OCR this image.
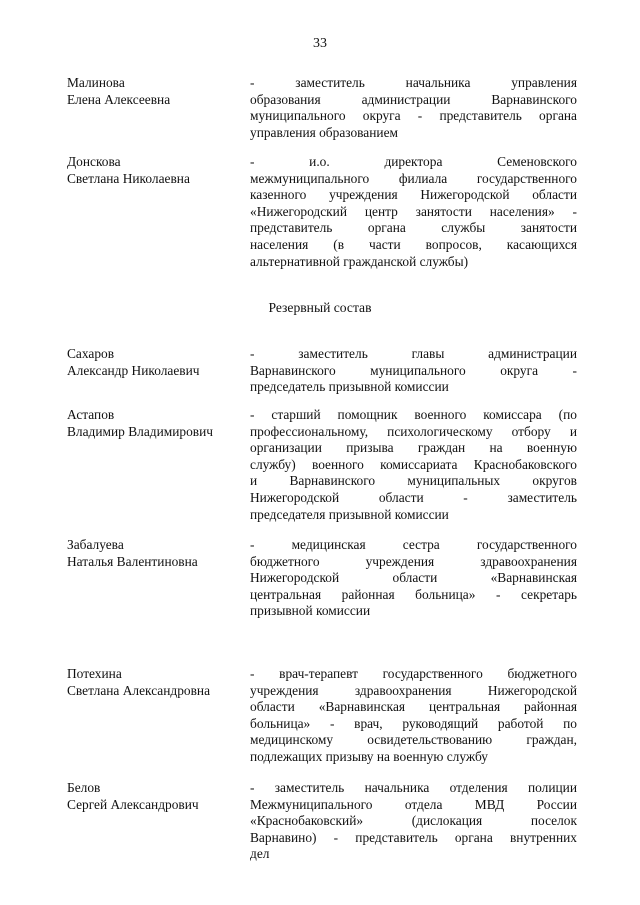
33
Малинова
Елена Алексеевна
- заместитель начальника управления
образования администрации Варнавинского
муниципального округа - представитель органа
управления образованием
Донскова
Светлана Николаевна
- и.о. директора Семеновского
межмуниципального филиала государственного
казенного учреждения Нижегородской области
«Нижегородский центр занятости населения» -
представитель органа службы занятости
населения (в части вопросов, касающихся
альтернативной гражданской службы)
Резервный состав
Сахаров
Александр Николаевич
- заместитель главы администрации
Варнавинского муниципального округа -
председатель призывной комиссии
Астапов
Владимир Владимирович
- старший помощник военного комиссара (по
профессиональному, психологическому отбору и
организации призыва граждан на военную
службу) военного комиссариата Краснобаковского
и Варнавинского муниципальных округов
Нижегородской области - заместитель
председателя призывной комиссии
Забалуева
Наталья Валентиновна
- медицинская сестра государственного
бюджетного учреждения здравоохранения
Нижегородской области «Варнавинская
центральная районная больница» - секретарь
призывной комиссии
Потехина
Светлана Александровна
- врач-терапевт государственного бюджетного
учреждения здравоохранения Нижегородской
области «Варнавинская центральная районная
больница» - врач, руководящий работой по
медицинскому освидетельствованию граждан,
подлежащих призыву на военную службу
Белов
Сергей Александрович
- заместитель начальника отделения полиции
Межмуниципального отдела МВД России
«Краснобаковский» (дислокация поселок
Варнавино) - представитель органа внутренних
дел
